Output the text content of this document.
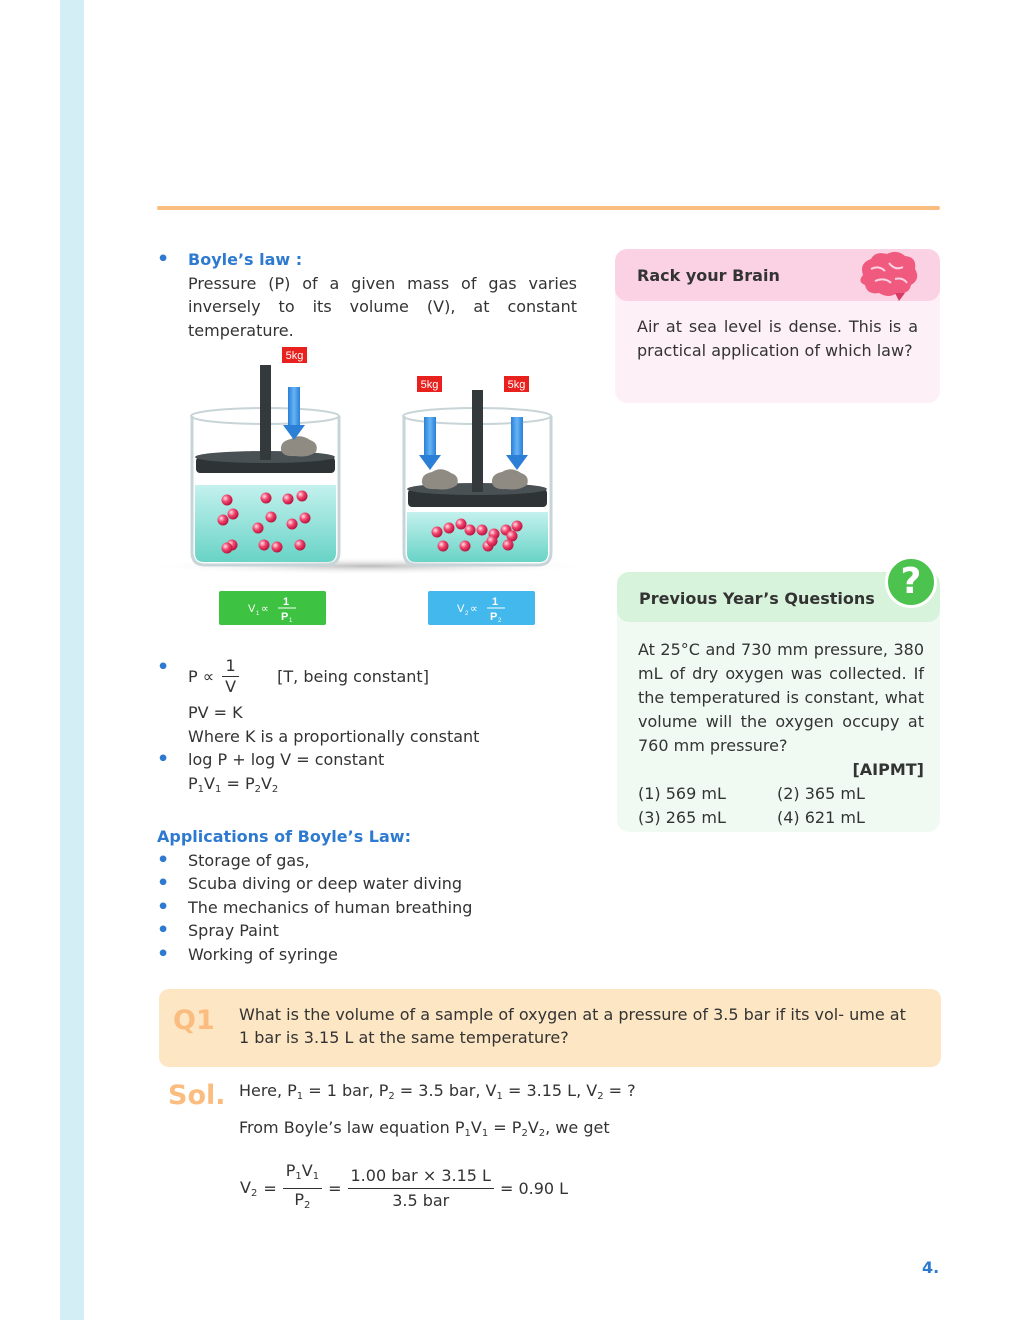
• Boyle’s law :
Pressure (P) of a given mass of gas varies inversely to its volume (V), at constant temperature.
5kg
5kg	5kg
V 1 ∝ 1
P 1
V 2 ∝ 1
P 2
• $P \propto \frac{1}{V} [T$, being constant]
PV = K
Where K is a proportionally constant
• log P + log V = constant
$P_1V_1 = P_2V_2$
Applications of Boyle’s Law:
• Storage of gas,
• Scuba diving or deep water diving
• The mechanics of human breathing
• Spray Paint
• Working of syringe
Rack your Brain
Air at sea level is dense. This is a practical application of which law?
Previous Year’s Questions
At 25°C and 730 mm pressure, 380 mL of dry oxygen was collected. If the temperatured is constant, what volume will the oxygen occupy at 760 mm pressure?
[AIPMT]
(1) 569 mL	(2) 365 mL
(3) 265 mL	(4) 621 mL
?
Q1 What is the volume of a sample of oxygen at a pressure of 3.5 bar if its vol- ume at 1 bar is 3.15 L at the same temperature?
Sol. Here, $P_1 = 1$ bar, $P_2 = 3.5$ bar, $V_1 = 3.15$ L, $V_2$ = ?
From Boyle’s law equation $P_1V_1 = P_2V_2$, we get
$V_2 = \frac{P_1V_1}{P_2} = \frac{\text{1.00 bar × 3.15 L}}{\text{3.5 bar}} = 0.90$ L
4.
